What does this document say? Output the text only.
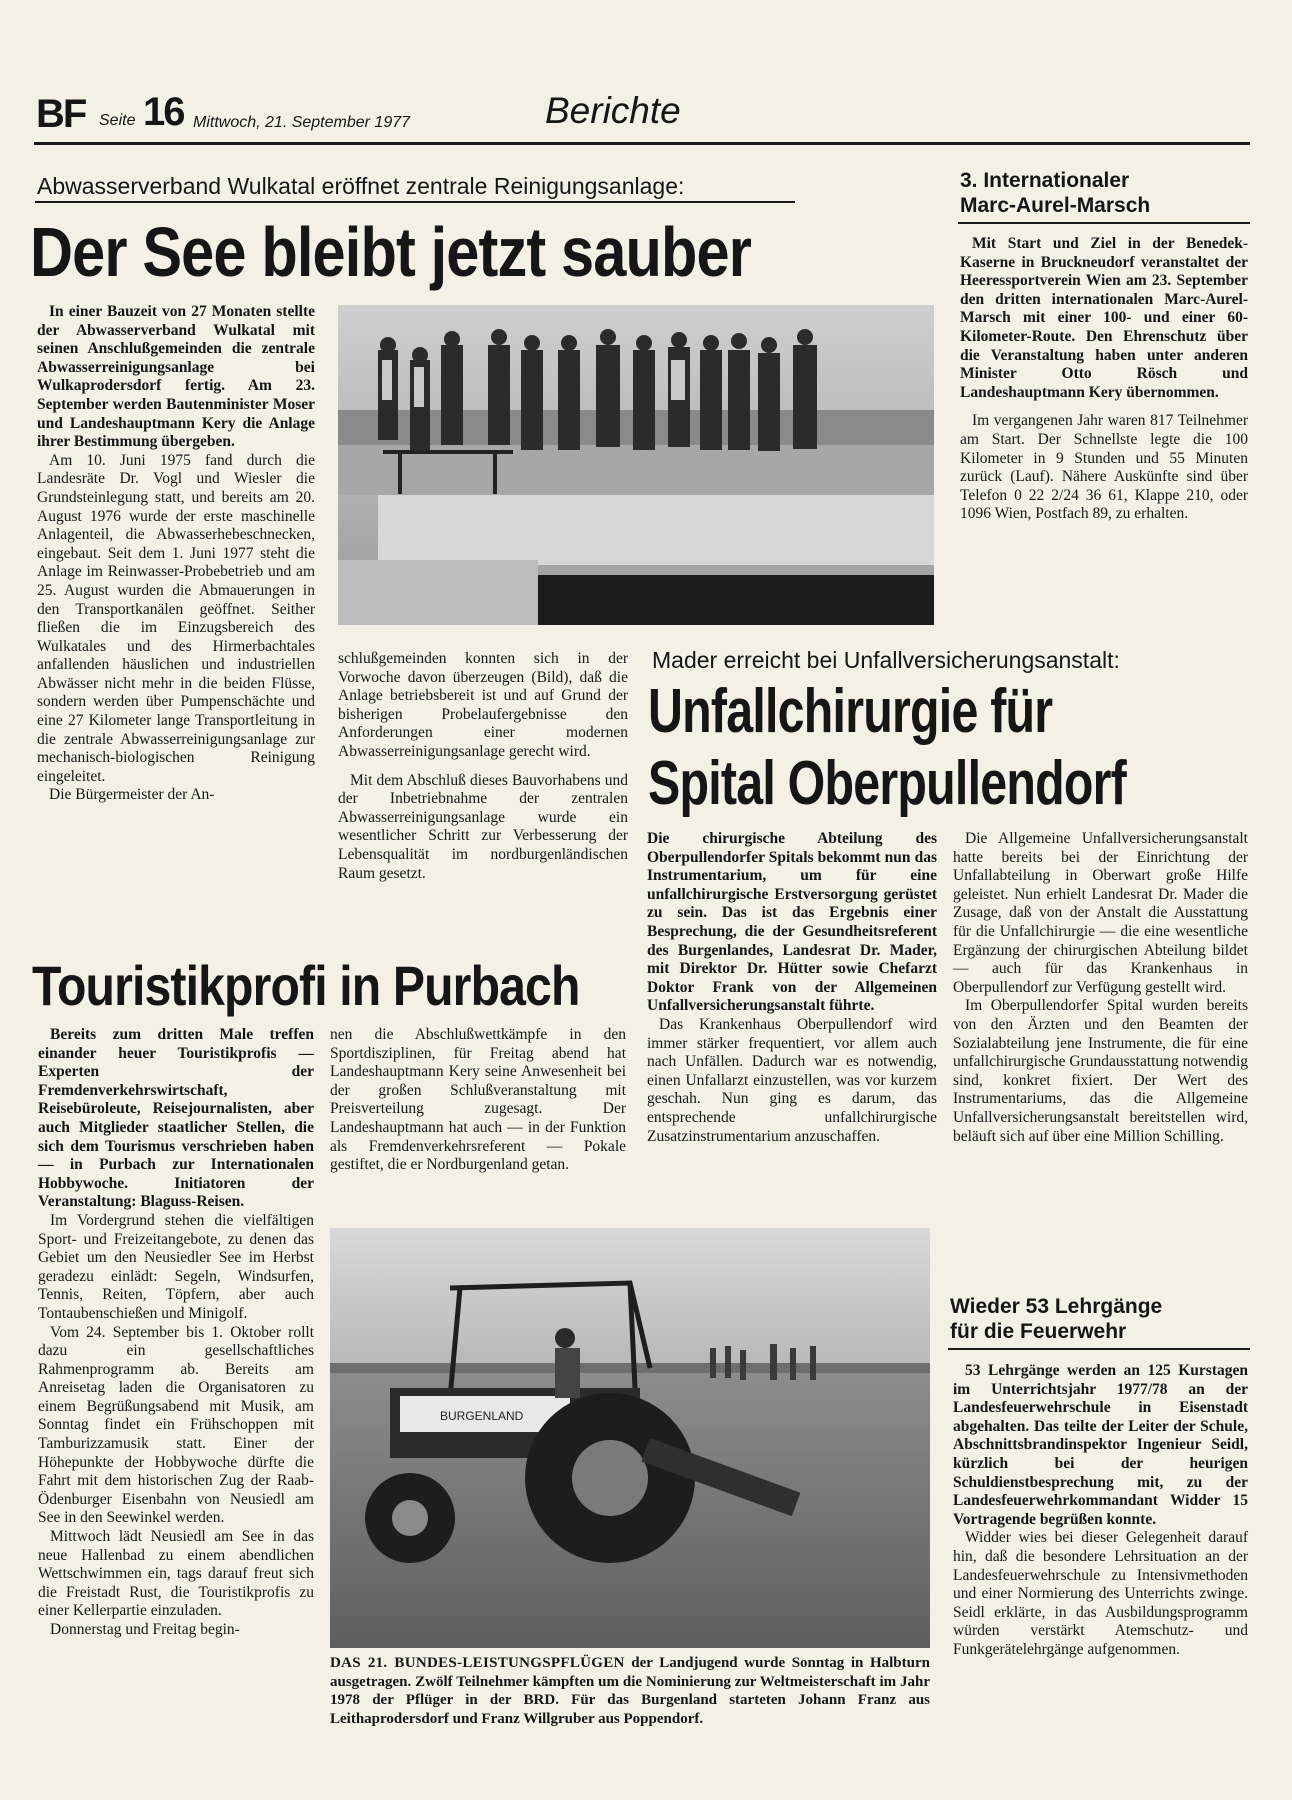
BF Seite 16 Mittwoch, 21. September 1977	Berichte
Abwasserverband Wulkatal eröffnet zentrale Reinigungsanlage:
Der See bleibt jetzt sauber

In einer Bauzeit von 27 Monaten stellte der Abwasserverband Wulkatal mit seinen Anschlußgemeinden die zentrale Abwasserreinigungsanlage bei Wulkaprodersdorf fertig. Am 23. September werden Bautenminister Moser und Landeshauptmann Kery die Anlage ihrer Bestimmung übergeben.

Am 10. Juni 1975 fand durch die Landesräte Dr. Vogl und Wiesler die Grundsteinlegung statt, und bereits am 20. August 1976 wurde der erste maschinelle Anlagenteil, die Abwasserhebeschnecken, eingebaut. Seit dem 1. Juni 1977 steht die Anlage im Reinwasser-Probebetrieb und am 25. August wurden die Abmauerungen in den Transportkanälen geöffnet. Seither fließen die im Einzugsbereich des Wulkatales und des Hirmerbachtales anfallenden häuslichen und industriellen Abwässer nicht mehr in die beiden Flüsse, sondern werden über Pumpenschächte und eine 27 Kilometer lange Transportleitung in die zentrale Abwasserreinigungsanlage zur mechanisch-biologischen Reinigung eingeleitet.

Die Bürgermeister der An-

schlußgemeinden konnten sich in der Vorwoche davon überzeugen (Bild), daß die Anlage betriebsbereit ist und auf Grund der bisherigen Probelaufergebnisse den Anforderungen einer modernen Abwasserreinigungsanlage gerecht wird.

Mit dem Abschluß dieses Bauvorhabens und der Inbetriebnahme der zentralen Abwasserreinigungsanlage wurde ein wesentlicher Schritt zur Verbesserung der Lebensqualität im nordburgenländischen Raum gesetzt.

3. Internationaler
Marc-Aurel-Marsch

Mit Start und Ziel in der Benedek-Kaserne in Bruckneudorf veranstaltet der Heeressportverein Wien am 23. September den dritten internationalen Marc-Aurel-Marsch mit einer 100- und einer 60-Kilometer-Route. Den Ehrenschutz über die Veranstaltung haben unter anderen Minister Otto Rösch und Landeshauptmann Kery übernommen.

Im vergangenen Jahr waren 817 Teilnehmer am Start. Der Schnellste legte die 100 Kilometer in 9 Stunden und 55 Minuten zurück (Lauf). Nähere Auskünfte sind über Telefon 0 22 2/24 36 61, Klappe 210, oder 1096 Wien, Postfach 89, zu erhalten.

Mader erreicht bei Unfallversicherungsanstalt:
Unfallchirurgie für
Spital Oberpullendorf

Die chirurgische Abteilung des Oberpullendorfer Spitals bekommt nun das Instrumentarium, um für eine unfallchirurgische Erstversorgung gerüstet zu sein. Das ist das Ergebnis einer Besprechung, die der Gesundheitsreferent des Burgenlandes, Landesrat Dr. Mader, mit Direktor Dr. Hütter sowie Chefarzt Doktor Frank von der Allgemeinen Unfallversicherungsanstalt führte.

Das Krankenhaus Oberpullendorf wird immer stärker frequentiert, vor allem auch nach Unfällen. Dadurch war es notwendig, einen Unfallarzt einzustellen, was vor kurzem geschah. Nun ging es darum, das entsprechende unfallchirurgische Zusatzinstrumentarium anzuschaffen.

Die Allgemeine Unfallversicherungsanstalt hatte bereits bei der Einrichtung der Unfallabteilung in Oberwart große Hilfe geleistet. Nun erhielt Landesrat Dr. Mader die Zusage, daß von der Anstalt die Ausstattung für die Unfallchirurgie — die eine wesentliche Ergänzung der chirurgischen Abteilung bildet — auch für das Krankenhaus in Oberpullendorf zur Verfügung gestellt wird.

Im Oberpullendorfer Spital wurden bereits von den Ärzten und den Beamten der Sozialabteilung jene Instrumente, die für eine unfallchirurgische Grundausstattung notwendig sind, konkret fixiert. Der Wert des Instrumentariums, das die Allgemeine Unfallversicherungsanstalt bereitstellen wird, beläuft sich auf über eine Million Schilling.

Touristikprofi in Purbach

Bereits zum dritten Male treffen einander heuer Touristikprofis — Experten der Fremdenverkehrswirtschaft, Reisebüroleute, Reisejournalisten, aber auch Mitglieder staatlicher Stellen, die sich dem Tourismus verschrieben haben — in Purbach zur Internationalen Hobbywoche. Initiatoren der Veranstaltung: Blaguss-Reisen.

Im Vordergrund stehen die vielfältigen Sport- und Freizeitangebote, zu denen das Gebiet um den Neusiedler See im Herbst geradezu einlädt: Segeln, Windsurfen, Tennis, Reiten, Töpfern, aber auch Tontaubenschießen und Minigolf.

Vom 24. September bis 1. Oktober rollt dazu ein gesellschaftliches Rahmenprogramm ab. Bereits am Anreisetag laden die Organisatoren zu einem Begrüßungsabend mit Musik, am Sonntag findet ein Frühschoppen mit Tamburizzamusik statt. Einer der Höhepunkte der Hobbywoche dürfte die Fahrt mit dem historischen Zug der Raab-Ödenburger Eisenbahn von Neusiedl am See in den Seewinkel werden.

Mittwoch lädt Neusiedl am See in das neue Hallenbad zu einem abendlichen Wettschwimmen ein, tags darauf freut sich die Freistadt Rust, die Touristikprofis zu einer Kellerpartie einzuladen.

Donnerstag und Freitag begin-

nen die Abschlußwettkämpfe in den Sportdisziplinen, für Freitag abend hat Landeshauptmann Kery seine Anwesenheit bei der großen Schlußveranstaltung mit Preisverteilung zugesagt. Der Landeshauptmann hat auch — in der Funktion als Fremdenverkehrsreferent — Pokale gestiftet, die er Nordburgenland getan.

BURGENLAND
DAS 21. BUNDES-LEISTUNGSPFLÜGEN der Landjugend wurde Sonntag in Halbturn ausgetragen. Zwölf Teilnehmer kämpften um die Nominierung zur Weltmeisterschaft im Jahr 1978 der Pflüger in der BRD. Für das Burgenland starteten Johann Franz aus Leithaprodersdorf und Franz Willgruber aus Poppendorf.
Wieder 53 Lehrgänge
für die Feuerwehr

53 Lehrgänge werden an 125 Kurstagen im Unterrichtsjahr 1977/78 an der Landesfeuerwehrschule in Eisenstadt abgehalten. Das teilte der Leiter der Schule, Abschnittsbrandinspektor Ingenieur Seidl, kürzlich bei der heurigen Schuldienstbesprechung mit, zu der Landesfeuerwehrkommandant Widder 15 Vortragende begrüßen konnte.

Widder wies bei dieser Gelegenheit darauf hin, daß die besondere Lehrsituation an der Landesfeuerwehrschule zu Intensivmethoden und einer Normierung des Unterrichts zwinge. Seidl erklärte, in das Ausbildungsprogramm würden verstärkt Atemschutz- und Funkgerätelehrgänge aufgenommen.
